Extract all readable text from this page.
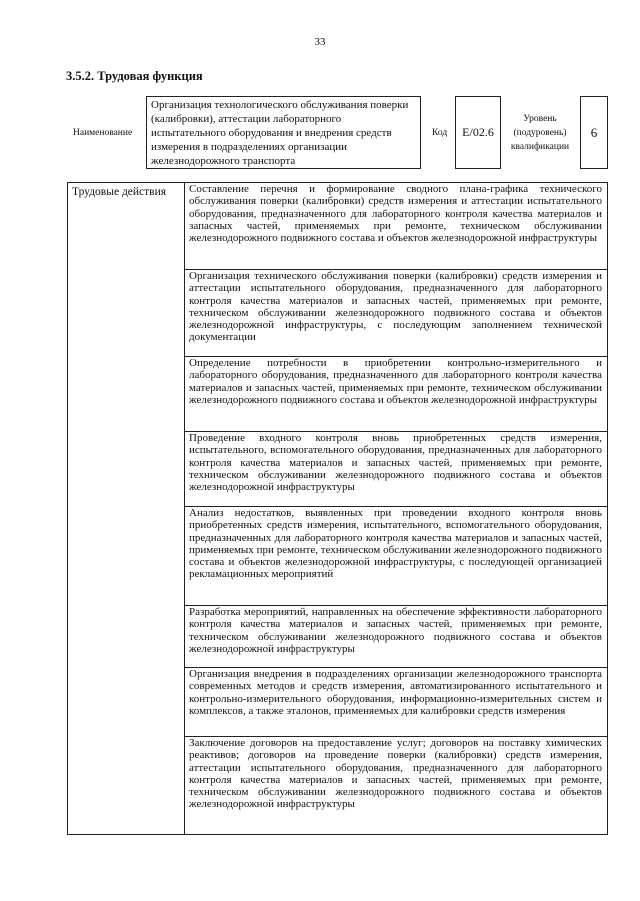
33
3.5.2. Трудовая функция
Наименование
Организация технологического обслуживания поверки (калибровки), аттестации лабораторного испытательного оборудования и внедрения средств измерения в подразделениях организации железнодорожного транспорта
Код	E/02.6
Уровень (подуровень) квалификации
6
Трудовые действия	Составление перечня и формирование сводного плана-графика технического обслуживания поверки (калибровки) средств измерения и аттестации испытательного оборудования, предназначенного для лабораторного контроля качества материалов и запасных частей, применяемых при ремонте, техническом обслуживании железнодорожного подвижного состава и объектов железнодорожной инфраструктуры
Организация технического обслуживания поверки (калибровки) средств измерения и аттестации испытательного оборудования, предназначенного для лабораторного контроля качества материалов и запасных частей, применяемых при ремонте, техническом обслуживании железнодорожного подвижного состава и объектов железнодорожной инфраструктуры, с последующим заполнением технической документации
Определение потребности в приобретении контрольно-измерительного и лабораторного оборудования, предназначенного для лабораторного контроля качества материалов и запасных частей, применяемых при ремонте, техническом обслуживании железнодорожного подвижного состава и объектов железнодорожной инфраструктуры
Проведение входного контроля вновь приобретенных средств измерения, испытательного, вспомогательного оборудования, предназначенных для лабораторного контроля качества материалов и запасных частей, применяемых при ремонте, техническом обслуживании железнодорожного подвижного состава и объектов железнодорожной инфраструктуры
Анализ недостатков, выявленных при проведении входного контроля вновь приобретенных средств измерения, испытательного, вспомогательного оборудования, предназначенных для лабораторного контроля качества материалов и запасных частей, применяемых при ремонте, техническом обслуживании железнодорожного подвижного состава и объектов железнодорожной инфраструктуры, с последующей организацией рекламационных мероприятий
Разработка мероприятий, направленных на обеспечение эффективности лабораторного контроля качества материалов и запасных частей, применяемых при ремонте, техническом обслуживании железнодорожного подвижного состава и объектов железнодорожной инфраструктуры
Организация внедрения в подразделениях организации железнодорожного транспорта современных методов и средств измерения, автоматизированного испытательного и контрольно-измерительного оборудования, информационно-измерительных систем и комплексов, а также эталонов, применяемых для калибровки средств измерения
Заключение договоров на предоставление услуг; договоров на поставку химических реактивов; договоров на проведение поверки (калибровки) средств измерения, аттестации испытательного оборудования, предназначенного для лабораторного контроля качества материалов и запасных частей, применяемых при ремонте, техническом обслуживании железнодорожного подвижного состава и объектов железнодорожной инфраструктуры
